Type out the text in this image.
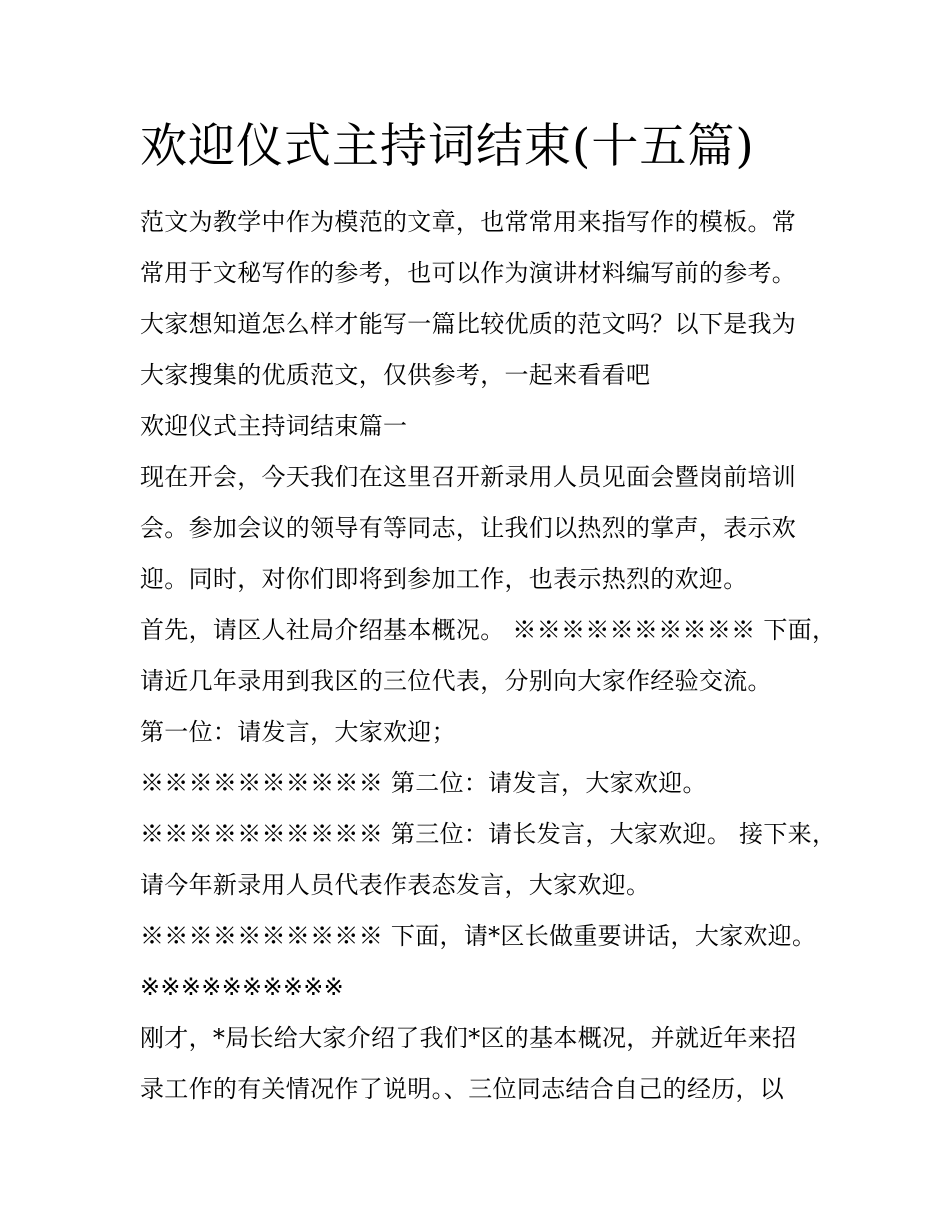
欢迎仪式主持词结束(十五篇)
范文为教学中作为模范的文章，也常常用来指写作的模板。常
常用于文秘写作的参考，也可以作为演讲材料编写前的参考。
大家想知道怎么样才能写一篇比较优质的范文吗？以下是我为
大家搜集的优质范文，仅供参考，一起来看看吧
欢迎仪式主持词结束篇一
现在开会，今天我们在这里召开新录用人员见面会暨岗前培训
会。参加会议的领导有等同志，让我们以热烈的掌声，表示欢
迎。同时，对你们即将到参加工作，也表示热烈的欢迎。
首先，请区人社局介绍基本概况。 ※※※※※※※※※※ 下面，
请近几年录用到我区的三位代表，分别向大家作经验交流。
第一位：请发言，大家欢迎；
※※※※※※※※※※ 第二位：请发言，大家欢迎。
※※※※※※※※※※ 第三位：请长发言，大家欢迎。 接下来，
请今年新录用人员代表作表态发言，大家欢迎。
※※※※※※※※※※ 下面，请*区长做重要讲话，大家欢迎。
※※※※※※※※※※
刚才，*局长给大家介绍了我们*区的基本概况，并就近年来招
录工作的有关情况作了说明。、三位同志结合自己的经历，以
